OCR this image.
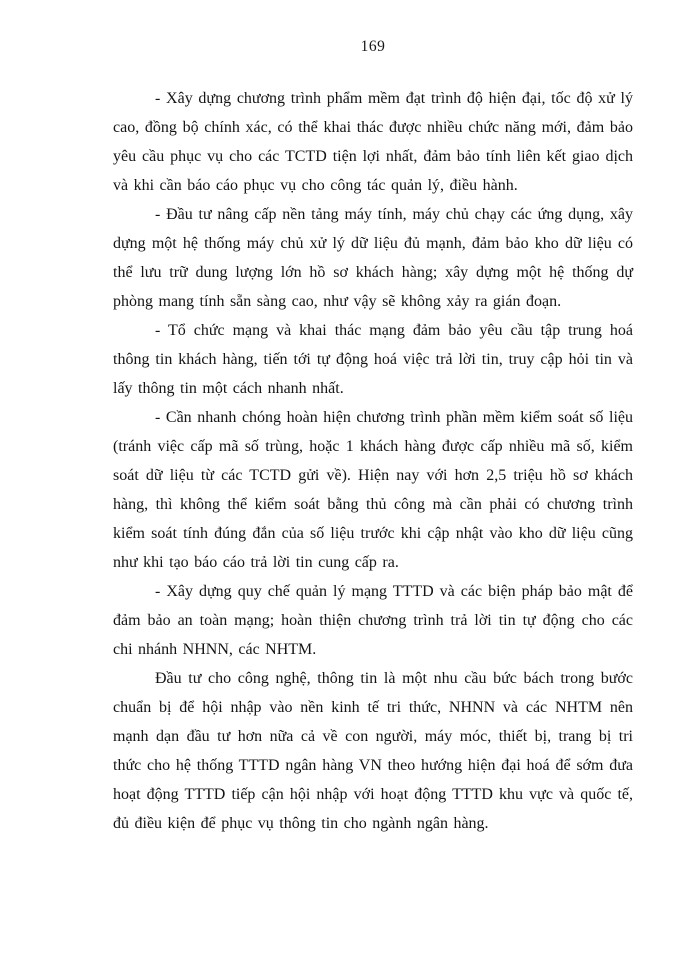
169

- Xây dựng chương trình phẩm mềm đạt trình độ hiện đại, tốc độ xử lý cao, đồng bộ chính xác, có thể khai thác được nhiều chức năng mới, đảm bảo yêu cầu phục vụ cho các TCTD tiện lợi nhất, đảm bảo tính liên kết giao dịch và khi cần báo cáo phục vụ cho công tác quản lý, điều hành.

- Đầu tư nâng cấp nền tảng máy tính, máy chủ chạy các ứng dụng, xây dựng một hệ thống máy chủ xử lý dữ liệu đủ mạnh, đảm bảo kho dữ liệu có thể lưu trữ dung lượng lớn hồ sơ khách hàng; xây dựng một hệ thống dự phòng mang tính sẵn sàng cao, như vậy sẽ không xảy ra gián đoạn.

- Tổ chức mạng và khai thác mạng đảm bảo yêu cầu tập trung hoá thông tin khách hàng, tiến tới tự động hoá việc trả lời tin, truy cập hỏi tin và lấy thông tin một cách nhanh nhất.

- Cần nhanh chóng hoàn hiện chương trình phần mềm kiểm soát số liệu (tránh việc cấp mã số trùng, hoặc 1 khách hàng được cấp nhiều mã số, kiểm soát dữ liệu từ các TCTD gửi về). Hiện nay với hơn 2,5 triệu hồ sơ khách hàng, thì không thể kiểm soát bằng thủ công mà cần phải có chương trình kiểm soát tính đúng đắn của số liệu trước khi cập nhật vào kho dữ liệu cũng như khi tạo báo cáo trả lời tin cung cấp ra.

- Xây dựng quy chế quản lý mạng TTTD và các biện pháp bảo mật để đảm bảo an toàn mạng; hoàn thiện chương trình trả lời tin tự động cho các chi nhánh NHNN, các NHTM.

Đầu tư cho công nghệ, thông tin là một nhu cầu bức bách trong bước chuẩn bị để hội nhập vào nền kinh tế tri thức, NHNN và các NHTM nên mạnh dạn đầu tư hơn nữa cả về con người, máy móc, thiết bị, trang bị tri thức cho hệ thống TTTD ngân hàng VN theo hướng hiện đại hoá để sớm đưa hoạt động TTTD tiếp cận hội nhập với hoạt động TTTD khu vực và quốc tế, đủ điều kiện để phục vụ thông tin cho ngành ngân hàng.
